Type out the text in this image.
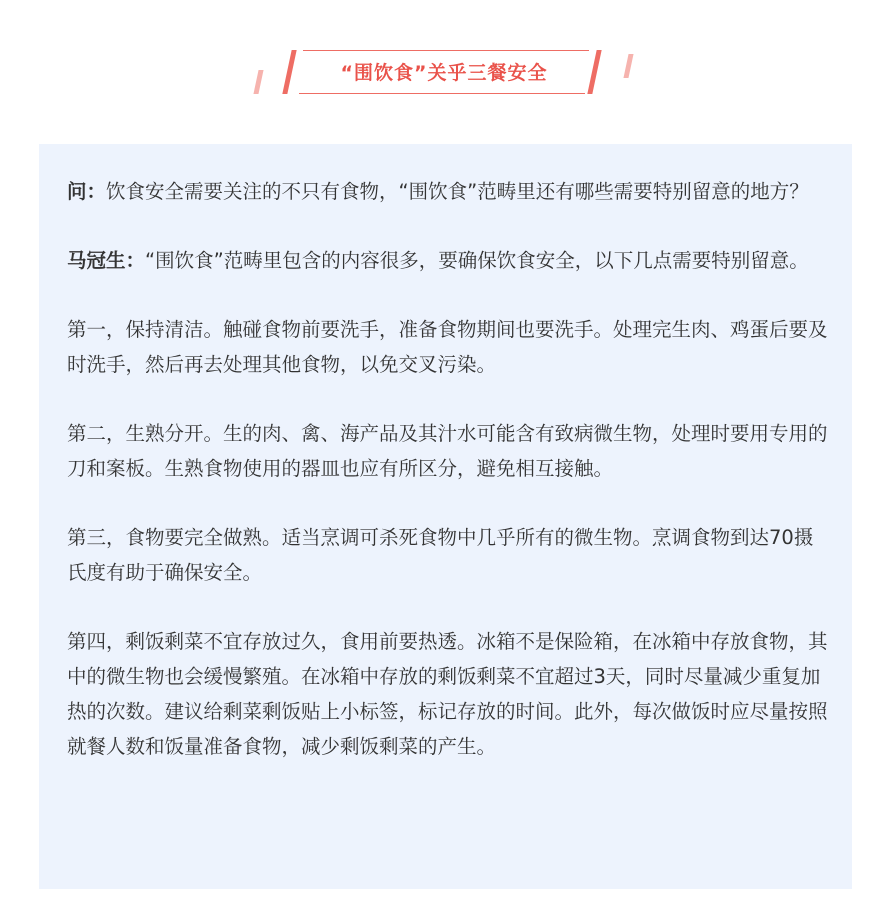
“围饮食”关乎三餐安全

问：饮食安全需要关注的不只有食物，“围饮食”范畴里还有哪些需要特别留意的地方？

马冠生：“围饮食”范畴里包含的内容很多，要确保饮食安全，以下几点需要特别留意。

第一，保持清洁。触碰食物前要洗手，准备食物期间也要洗手。处理完生肉、鸡蛋后要及时洗手，然后再去处理其他食物，以免交叉污染。

第二，生熟分开。生的肉、禽、海产品及其汁水可能含有致病微生物，处理时要用专用的刀和案板。生熟食物使用的器皿也应有所区分，避免相互接触。

第三，食物要完全做熟。适当烹调可杀死食物中几乎所有的微生物。烹调食物到达70摄氏度有助于确保安全。

第四，剩饭剩菜不宜存放过久，食用前要热透。冰箱不是保险箱，在冰箱中存放食物，其中的微生物也会缓慢繁殖。在冰箱中存放的剩饭剩菜不宜超过3天，同时尽量减少重复加热的次数。建议给剩菜剩饭贴上小标签，标记存放的时间。此外，每次做饭时应尽量按照就餐人数和饭量准备食物，减少剩饭剩菜的产生。
